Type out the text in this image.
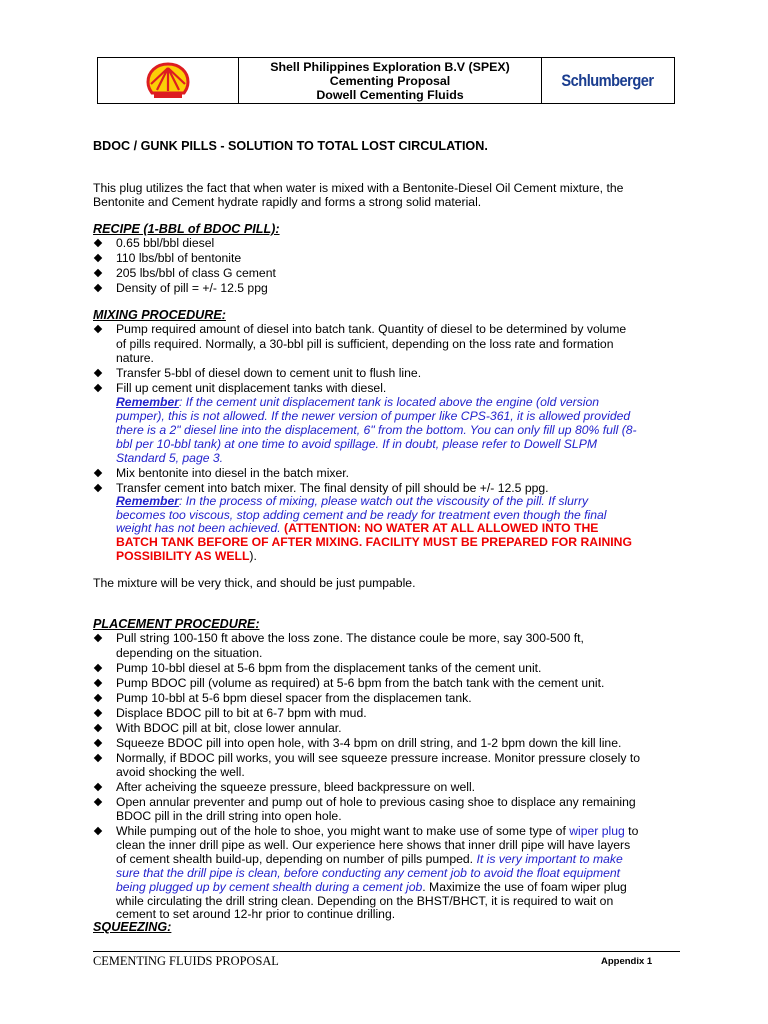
Shell Philippines Exploration B.V (SPEX)
Cementing Proposal
Dowell Cementing Fluids
Schlumberger
BDOC / GUNK PILLS - SOLUTION TO TOTAL LOST CIRCULATION.
This plug utilizes the fact that when water is mixed with a Bentonite-Diesel Oil Cement mixture, the
Bentonite and Cement hydrate rapidly and forms a strong solid material.
RECIPE (1-BBL of BDOC PILL):
0.65 bbl/bbl diesel
110 lbs/bbl of bentonite
205 lbs/bbl of class G cement
Density of pill = +/- 12.5 ppg
MIXING PROCEDURE:
Pump required amount of diesel into batch tank. Quantity of diesel to be determined by volume
of pills required. Normally, a 30-bbl pill is sufficient, depending on the loss rate and formation
nature.
Transfer 5-bbl of diesel down to cement unit to flush line.
Fill up cement unit displacement tanks with diesel.
Remember: If the cement unit displacement tank is located above the engine (old version
pumper), this is not allowed. If the newer version of pumper like CPS-361, it is allowed provided
there is a 2" diesel line into the displacement, 6" from the bottom. You can only fill up 80% full (8-
bbl per 10-bbl tank) at one time to avoid spillage. If in doubt, please refer to Dowell SLPM
Standard 5, page 3.
Mix bentonite into diesel in the batch mixer.
Transfer cement into batch mixer. The final density of pill should be +/- 12.5 ppg.
Remember: In the process of mixing, please watch out the viscousity of the pill. If slurry
becomes too viscous, stop adding cement and be ready for treatment even though the final
weight has not been achieved. (ATTENTION: NO WATER AT ALL ALLOWED INTO THE
BATCH TANK BEFORE OF AFTER MIXING. FACILITY MUST BE PREPARED FOR RAINING
POSSIBILITY AS WELL).
The mixture will be very thick, and should be just pumpable.
PLACEMENT PROCEDURE:
Pull string 100-150 ft above the loss zone. The distance coule be more, say 300-500 ft,
depending on the situation.
Pump 10-bbl diesel at 5-6 bpm from the displacement tanks of the cement unit.
Pump BDOC pill (volume as required) at 5-6 bpm from the batch tank with the cement unit.
Pump 10-bbl at 5-6 bpm diesel spacer from the displacemen tank.
Displace BDOC pill to bit at 6-7 bpm with mud.
With BDOC pill at bit, close lower annular.
Squeeze BDOC pill into open hole, with 3-4 bpm on drill string, and 1-2 bpm down the kill line.
Normally, if BDOC pill works, you will see squeeze pressure increase. Monitor pressure closely to
avoid shocking the well.
After acheiving the squeeze pressure, bleed backpressure on well.
Open annular preventer and pump out of hole to previous casing shoe to displace any remaining
BDOC pill in the drill string into open hole.
While pumping out of the hole to shoe, you might want to make use of some type of wiper plug to
clean the inner drill pipe as well. Our experience here shows that inner drill pipe will have layers
of cement shealth build-up, depending on number of pills pumped. It is very important to make
sure that the drill pipe is clean, before conducting any cement job to avoid the float equipment
being plugged up by cement shealth during a cement job. Maximize the use of foam wiper plug
while circulating the drill string clean. Depending on the BHST/BHCT, it is required to wait on
cement to set around 12-hr prior to continue drilling.
SQUEEZING:
CEMENTING FLUIDS PROPOSAL	Appendix 1
